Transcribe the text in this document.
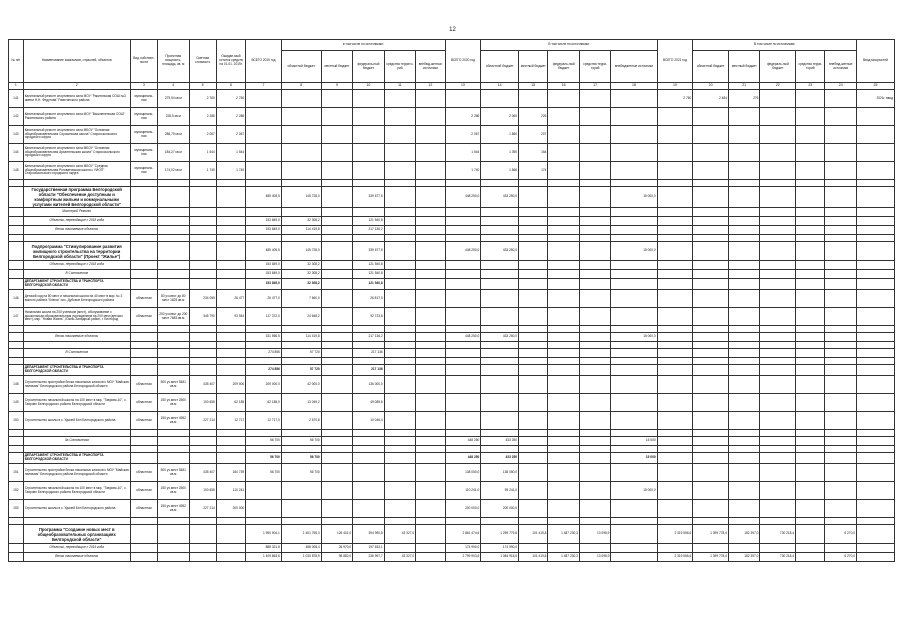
12
№ п/п	Наименование заказчиков, отраслей, объектов	Вид собствен-ности	Проектная мощность, площадь, кв. м	Сметная стоимость	Ожидае-мый остаток средств на 01.01. 2019г.	ВСЕГО 2019 год	в том числе по источникам:					ВСЕГО 2020 год	В том числе по источникам:					ВСЕГО 2021 год	В том числе по источникам:					Ввод мощностей
							областной бюджет	местный бюджет	федераль-ный бюджет	средства террито-рий	внебюд-жетных источники		областной бюджет	местный бюджет	федераль-ный бюджет	средства терри-торий	внебюджетные источники		областной бюджет	местный бюджет	федераль-ный бюджет	средства терри-торий	внебюд-жетные источники	
1	2	3	4	5	6	7	8	9	10	11	12	13	14	15	16	17	18	19	20	21	22	23	24	25
141	Капитальный ремонт спортивного зала МОУ "Ракитянская СОШ №3 имени Н.Н. Федутова" Ракитянского района	муниципаль-ная	279,54 кв.м	2 760	2 760													2 760	2 484	276				2021г. ввод
142	Капитальный ремонт спортивного зала МОУ "Вышнепенская СОШ" Ракитянского района	муниципаль-ная	228,5 кв.м	2 286	2 286							2 286	2 060	226										
143	Капитальный ремонт спортивного зала МБОУ "Основная общеобразовательная Сорокинская школа" Старооскольского городского округа	муниципаль-ная	286,75 кв.м	2 067	2 067							2 067	1 860	207										
144	Капитальный ремонт спортивного зала МБОУ "Основная общеобразовательная Архангельская школа" Старооскольского городского округа	муниципаль-ная	184,27 кв.м	1 544	1 544							1 544	1 390	154										
145	Капитальный ремонт спортивного зала МБОУ "Средняя общеобразовательная Роговатовская школа с УИОП" Старооскольского городского округа	муниципаль-ная	174,02 кв.м	1 740	1 740							1 740	1 566	174										

	Государственная программа Белгородской области "Обеспечение доступным и комфортным жильем и коммунальными услугами жителей Белгородской области"					485 405,5	145 728,0		339 677,5			448 250,0	433 250,0				15 000,0							
	Мастерой Ремонт																							
	Объекты, переходящие с 2018 года					153 849,0	32 308,2		121 540,8															
	Вновь начинаемые объекты					153 849,0	114 419,8		217 136,2															

	Подпрограмма "Стимулирование развития жилищного строительства на территории Белгородской области" (Проект "Жилье")					485 405,5	145 728,0		339 677,5			448 250,0	433 250,0				15 000,0							
	Объекты, переходящие с 2018 года					153 849,0	32 308,2		121 540,8															
	В Сотовинном					153 849,0	32 308,2		121 540,8															
	ДЕПАРТАМЕНТ СТРОИТЕЛЬСТВА И ТРАНСПОРТА БЕЛГОРОДСКОЙ ОБЛАСТИ					153 849,0	32 308,2		121 540,8															
146	Детский сад на 80 мест и начальная школа на 40 мест в мкр. № 3 южного района "Ключи" пос. Дубовое Белгородского района	областная	80 уч.мест до 80 мест 1825 кв.м	234 055	26 477	26 477,0	7 660,0		26 817,0															
147	Начальная школа на 200 учеников (мест), обслуживание с дошкольным образовательным учреждением на 200 мест/детских мест), мкр. "Новая Жизнь", Южно-Западный район, г. Белгород	областная	200 уч.мест до 200 мест 7683 кв.м	345 790	93 944	117 372,0	24 648,2		92 723,8															

	Вновь начинаемые объекты					331 556,5	114 419,8		217 136,2			448 250,0	433 250,0				15 000,0							

	В Сотовинном					274 856	57 720		217 136															

	ДЕПАРТАМЕНТ СТРОИТЕЛЬСТВА И ТРАНСПОРТА БЕЛГОРОДСКОЙ ОБЛАСТИ					274 856	57 720		217 136															
148	Строительство пристройки блока начальных классов к МОУ "Майская гимназия" Белгородского района Белгородской области	областная	500 уч.мест 5481 кв.м	435 407	209 000	209 000,0	42 000,0		136 000,0															
149	Строительство начальной школы на 100 мест в мкр. "Таврово-10", с. Таврово Белгородского района Белгородской области	областная	150 уч.мест 2500 кв.м	100 655	62 185	62 185,0	13 049,2		49 089,8															
150	Строительство школы в с. Удачей Бел Белгородского района	областная	150 уч.мест 4952 кв.м	227 214	12 717	12 717,0	2 670,8		10 046,4															

	За Сотовинном					56 700	56 700					448 250	433 250				15 000							

	ДЕПАРТАМЕНТ СТРОИТЕЛЬСТВА И ТРАНСПОРТА БЕЛГОРОДСКОЙ ОБЛАСТИ					56 700	56 700					448 250	433 250				15 000							
151	Строительство пристройки блока начальных классов к МОУ "Майская гимназия" Белгородского района Белгородской области	областная	500 уч.мест 5481 кв.м	435 407	184 739	56 700	56 700					138 050,0	138 050,0											
152	Строительство начальной школы на 100 мест в мкр. "Таврово-10", с. Таврово Белгородского района Белгородской области	областная	150 уч.мест 2500 кв.м	100 655	110 241							110 241,0	95 241,0				15 000,0							
153	Строительство школы в с. Удачей Бел Белгородского района	областная	150 уч.мест 4952 кв.м	227 214	200 000							200 000,0	200 000,0											

	Программа "Создание новых мест в общеобразовательных организациях Белгородской области"					1 990 904,1	1 451 755,3	126 401,0	394 990,8	43 327,0		2 861 474,6	1 259 779,8	101 419,8	1 487 230,3	13 098,9		2 319 556,6	1 399 778,4	182 397,0	730 218,4		6 270,0	
	Объекты, переходящие с 2019 года					888 321,8	488 008,4	26 970,0	197 633,1			174 990,0	174 990,0											
	Вновь начинаемые объекты					1 409 863,6	1 030 878,9	98 882,0	236 997,7	43 327,0		2 799 903,6	1 084 918,5	101 419,8	1 487 230,3	13 098,9		2 319 556,6	1 399 778,4	182 397,0	730 218,4		6 270,0	
